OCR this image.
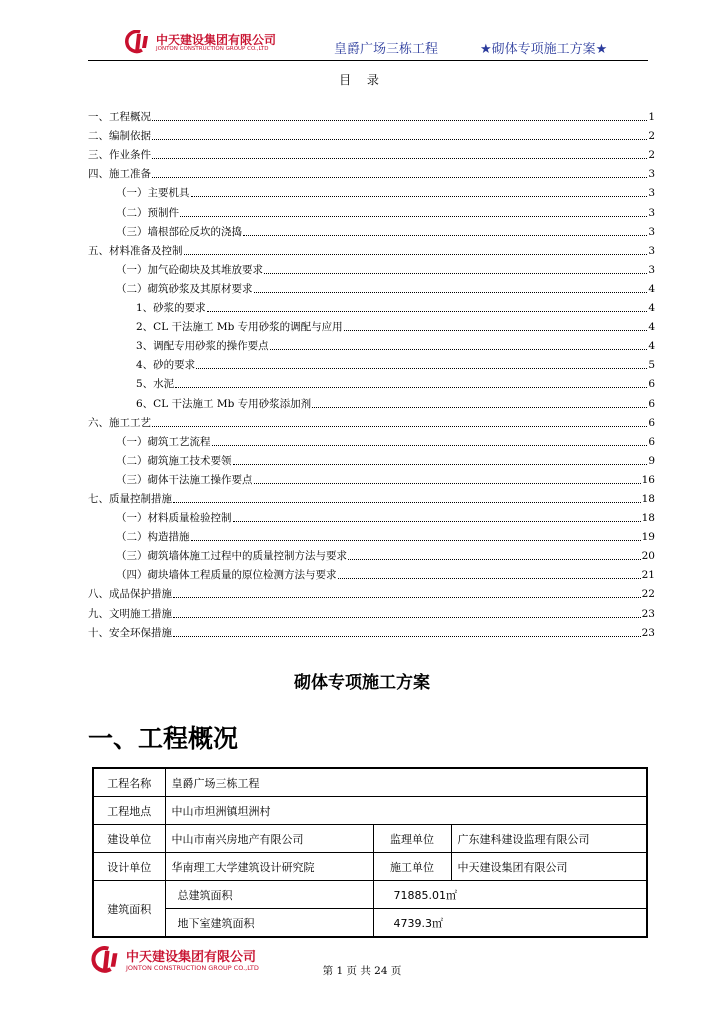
中天建设集团有限公司
JONTON CONSTRUCTION GROUP CO.,LTD	皇爵广场三栋工程	★砌体专项施工方案★
目 录
一、工程概况	1
二、编制依据	2
三、作业条件	2
四、施工准备	3
（一）主要机具	3
（二）预制件	3
（三）墙根部砼反坎的浇捣	3
五、材料准备及控制	3
（一）加气砼砌块及其堆放要求	3
（二）砌筑砂浆及其原材要求	4
1、砂浆的要求	4
2、CL 干法施工 Mb 专用砂浆的调配与应用	4
3、调配专用砂浆的操作要点	4
4、砂的要求	5
5、水泥	6
6、CL 干法施工 Mb 专用砂浆添加剂	6
六、施工工艺	6
（一）砌筑工艺流程	6
（二）砌筑施工技术要领	9
（三）砌体干法施工操作要点	16
七、质量控制措施	18
（一）材料质量检验控制	18
（二）构造措施	19
（三）砌筑墙体施工过程中的质量控制方法与要求	20
（四）砌块墙体工程质量的原位检测方法与要求	21
八、成品保护措施	22
九、文明施工措施	23
十、安全环保措施	23
砌体专项施工方案
一、工程概况
工程名称	皇爵广场三栋工程		
工程地点	中山市坦洲镇坦洲村		
建设单位	中山市南兴房地产有限公司	监理单位	广东建科建设监理有限公司
设计单位	华南理工大学建筑设计研究院	施工单位	中天建设集团有限公司
建筑面积	总建筑面积	71885.01㎡	
	地下室建筑面积	4739.3㎡	
中天建设集团有限公司
JONTON CONSTRUCTION GROUP CO.,LTD	第 1 页 共 24 页
